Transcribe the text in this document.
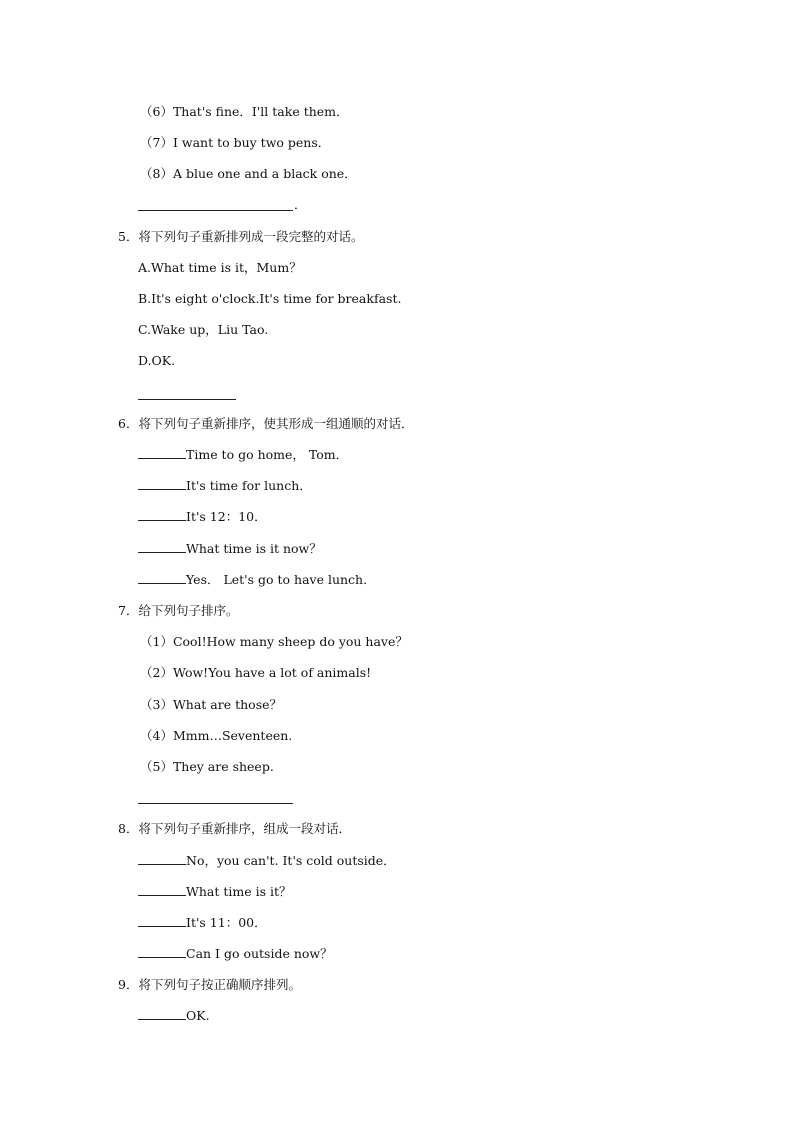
（6）That's fine．I'll take them．
（7）I want to buy two pens．
（8）A blue one and a black one．
．
5．将下列句子重新排列成一段完整的对话。
A.What time is it，Mum？
B.It's eight o'clock.It's time for breakfast.
C.Wake up，Liu Tao.
D.OK.
6．将下列句子重新排序，使其形成一组通顺的对话．
Time to go home， Tom．
It's time for lunch．
It's 12：10．
What time is it now？
Yes． Let's go to have lunch．
7．给下列句子排序。
（1）Cool!How many sheep do you have？
（2）Wow!You have a lot of animals!
（3）What are those？
（4）Mmm…Seventeen.
（5）They are sheep.
8．将下列句子重新排序，组成一段对话．
No，you can't. It's cold outside．
What time is it？
It's 11：00．
Can I go outside now？
9．将下列句子按正确顺序排列。
OK.
